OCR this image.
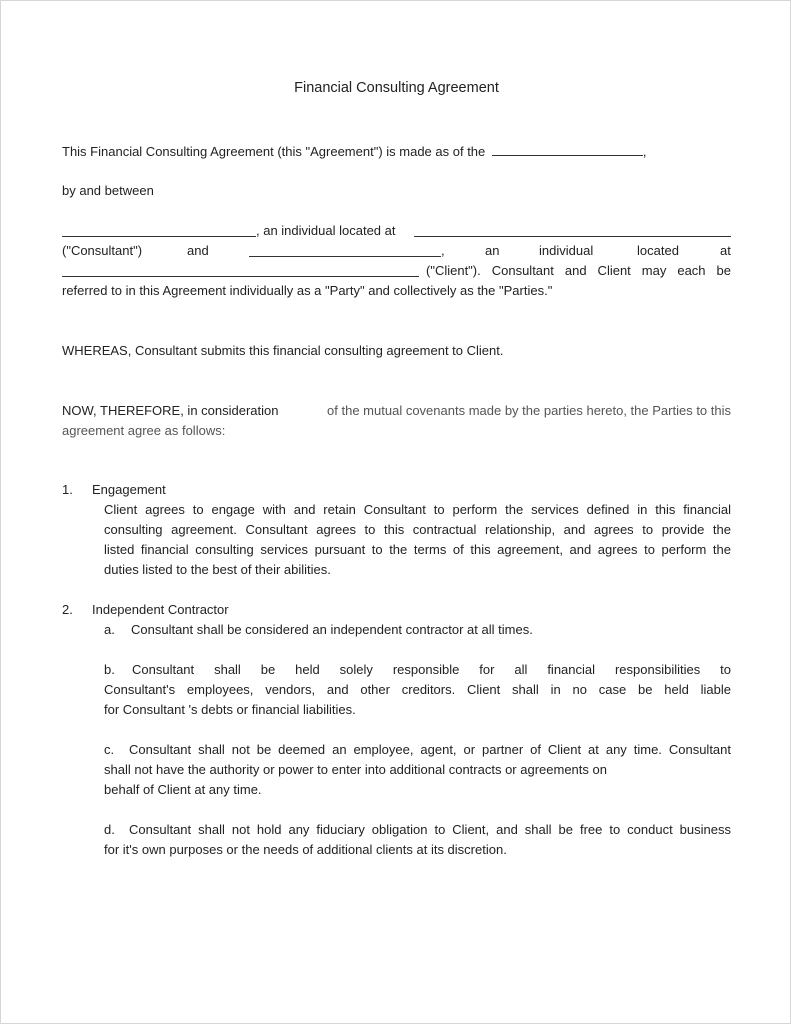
Financial Consulting Agreement
This Financial Consulting Agreement (this "Agreement") is made as of the	,
by and between
, an individual located at
("Consultant")	and	,	an	individual	located	at
("Client"). Consultant and Client may each be
referred to in this Agreement individually as a "Party" and collectively as the "Parties."
WHEREAS, Consultant submits this financial consulting agreement to Client.
NOW, THEREFORE, in consideration	of the mutual covenants made by the parties hereto, the Parties to this
agreement agree as follows:
1. Engagement
Client agrees to engage with and retain Consultant to perform the services defined in this financial
consulting agreement. Consultant agrees to this contractual relationship, and agrees to provide the
listed financial consulting services pursuant to the terms of this agreement, and agrees to perform the
duties listed to the best of their abilities.
2. Independent Contractor
a. Consultant shall be considered an independent contractor at all times.
b. Consultant shall be held solely responsible for all financial responsibilities to
Consultant's employees, vendors, and other creditors. Client shall in no case be held liable
for Consultant 's debts or financial liabilities.
c. Consultant shall not be deemed an employee, agent, or partner of Client at any time. Consultant
shall not have the authority or power to enter into additional contracts or agreements on
behalf of Client at any time.
d. Consultant shall not hold any fiduciary obligation to Client, and shall be free to conduct business
for it's own purposes or the needs of additional clients at its discretion.
